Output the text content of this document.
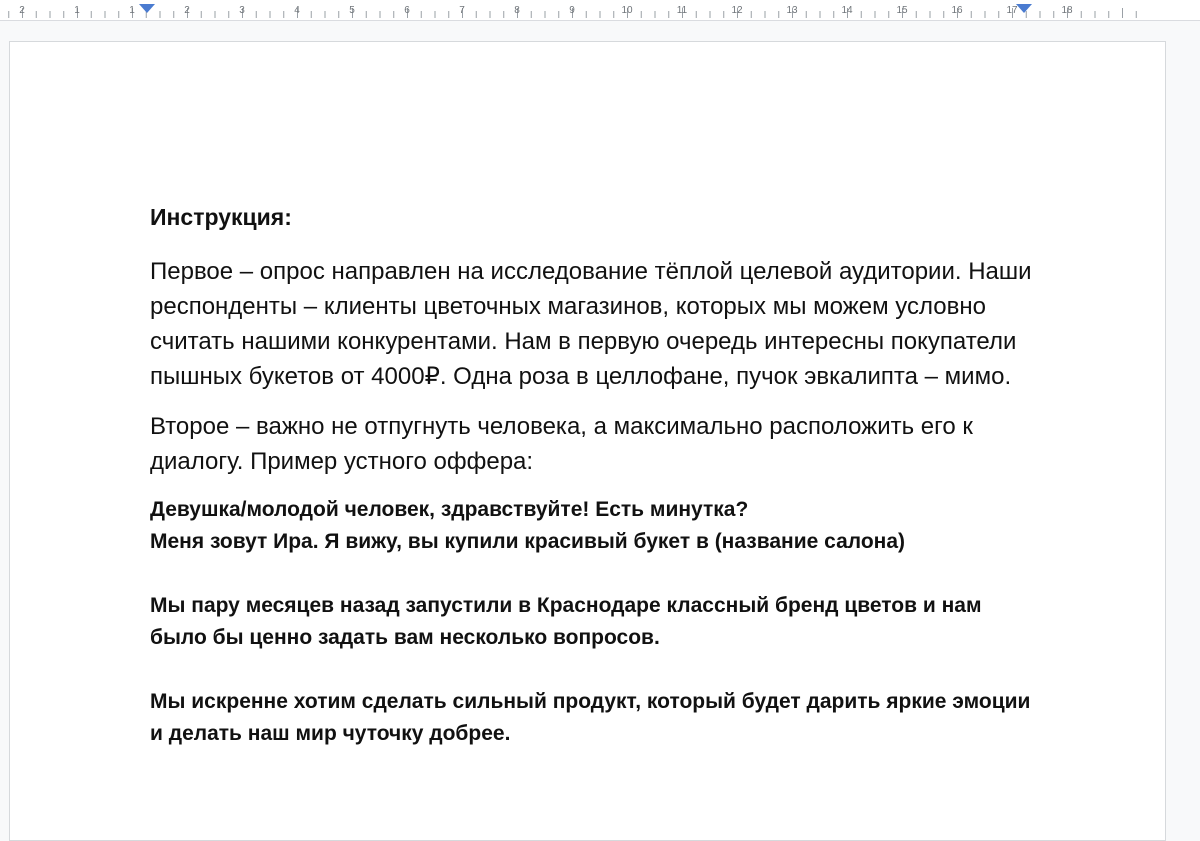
2	1	1	2	3	4	5	6	7	8	9	10	11	12	13	14	15	16	17	18
Инструкция:

Первое – опрос направлен на исследование тёплой целевой аудитории. Наши респонденты – клиенты цветочных магазинов, которых мы можем условно считать нашими конкурентами. Нам в первую очередь интересны покупатели пышных букетов от 4000₽. Одна роза в целлофане, пучок эвкалипта – мимо.

Второе – важно не отпугнуть человека, а максимально расположить его к диалогу. Пример устного оффера:

Девушка/молодой человек, здравствуйте! Есть минутка?

Меня зовут Ира. Я вижу, вы купили красивый букет в (название салона)

Мы пару месяцев назад запустили в Краснодаре классный бренд цветов и нам было бы ценно задать вам несколько вопросов.

Мы искренне хотим сделать сильный продукт, который будет дарить яркие эмоции и делать наш мир чуточку добрее.
